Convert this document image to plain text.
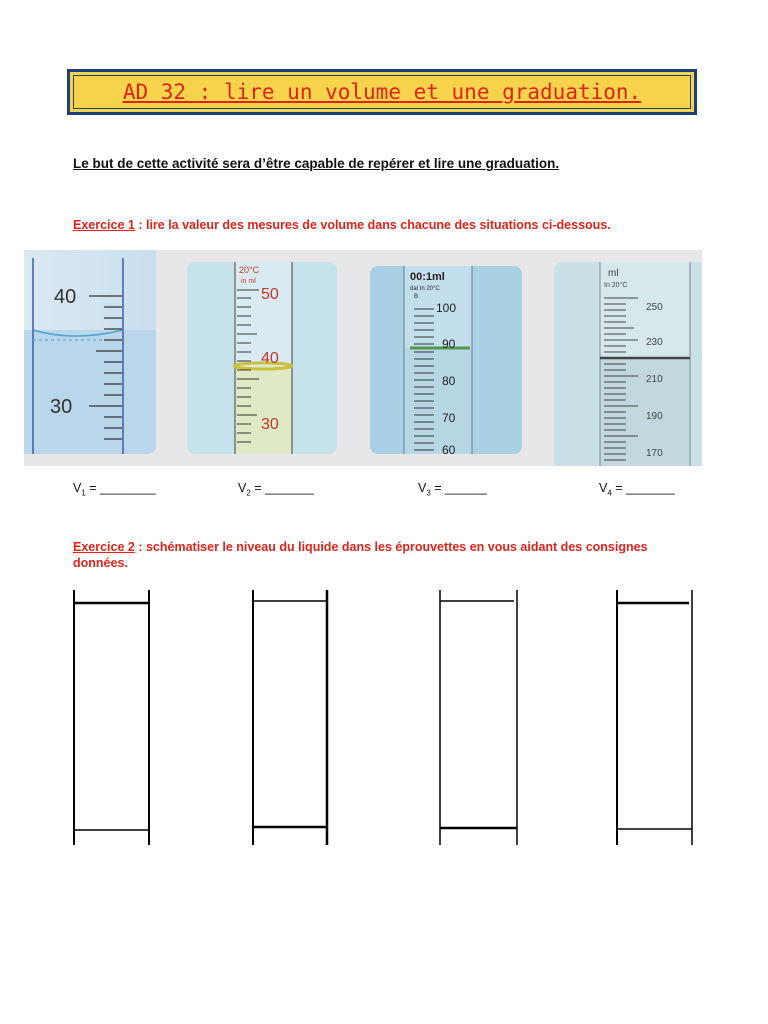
AD 32 : lire un volume et une graduation.
Le but de cette activité sera d’être capable de repérer et lire une graduation.
Exercice 1 : lire la valeur des mesures de volume dans chacune des situations ci-dessous.
40
30
20°C
in ml
50
40
30
00:1ml
dal In 20°C
B
100
90
80
70
60
ml
In 20°C
250
230
210
190
170
$V_1$ = ________	$V_2$ = _______	$V_3$ = ______	$V_4$ = _______
Exercice 2 : schématiser le niveau du liquide dans les éprouvettes en vous aidant des consignes données.
